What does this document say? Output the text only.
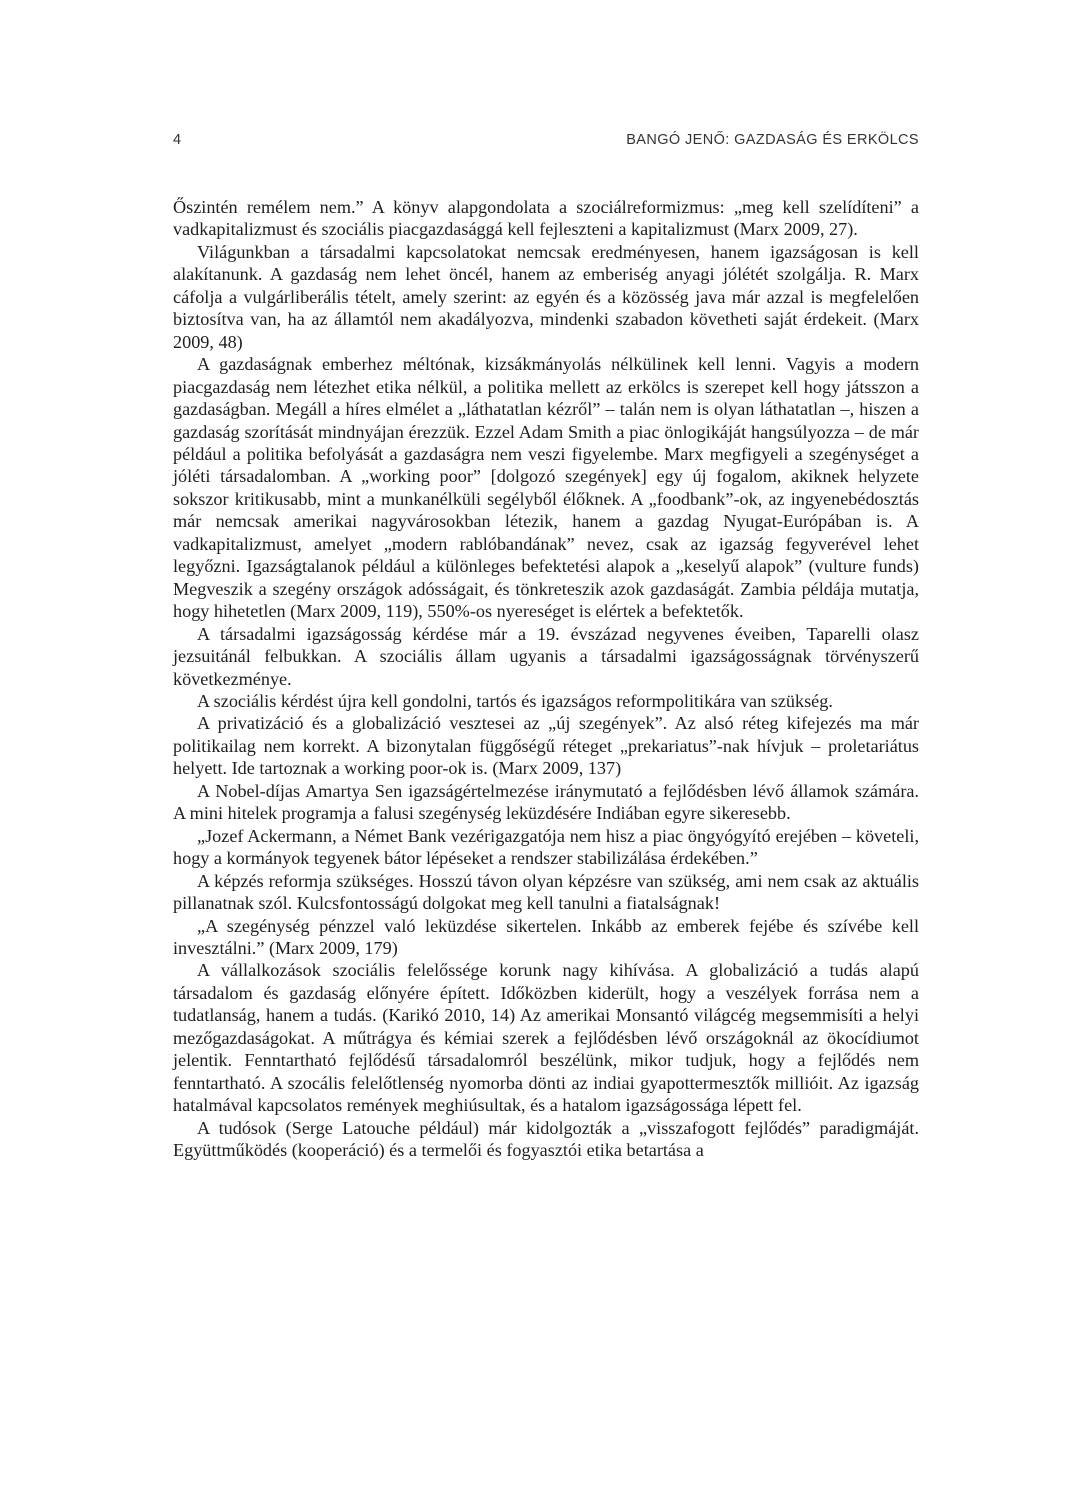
4	BANGÓ JENŐ: GAZDASÁG ÉS ERKÖLCS

Őszintén remélem nem.” A könyv alapgondolata a szociálreformizmus: „meg kell szelídíteni” a vadkapitalizmust és szociális piacgazdasággá kell fejleszteni a kapitalizmust (Marx 2009, 27).

Világunkban a társadalmi kapcsolatokat nemcsak eredményesen, hanem igazságosan is kell alakítanunk. A gazdaság nem lehet öncél, hanem az emberiség anyagi jólétét szolgálja. R. Marx cáfolja a vulgárliberális tételt, amely szerint: az egyén és a közösség java már azzal is megfelelően biztosítva van, ha az államtól nem akadályozva, mindenki szabadon követheti saját érdekeit. (Marx 2009, 48)

A gazdaságnak emberhez méltónak, kizsákmányolás nélkülinek kell lenni. Vagyis a modern piacgazdaság nem létezhet etika nélkül, a politika mellett az erkölcs is szerepet kell hogy játsszon a gazdaságban. Megáll a híres elmélet a „láthatatlan kézről” – talán nem is olyan láthatatlan –, hiszen a gazdaság szorítását mindnyájan érezzük. Ezzel Adam Smith a piac önlogikáját hangsúlyozza – de már például a politika befolyását a gazdaságra nem veszi figyelembe. Marx megfigyeli a szegénységet a jóléti társadalomban. A „working poor” [dolgozó szegények] egy új fogalom, akiknek helyzete sokszor kritikusabb, mint a munkanélküli segélyből élőknek. A „foodbank”-ok, az ingyenebédosztás már nemcsak amerikai nagyvárosokban létezik, hanem a gazdag Nyugat-Európában is. A vadkapitalizmust, amelyet „modern rablóbandának” nevez, csak az igazság fegyverével lehet legyőzni. Igazságtalanok például a különleges befektetési alapok a „keselyű alapok” (vulture funds) Megveszik a szegény országok adósságait, és tönkreteszik azok gazdaságát. Zambia példája mutatja, hogy hihetetlen (Marx 2009, 119), 550%-os nyereséget is elértek a befektetők.

A társadalmi igazságosság kérdése már a 19. évszázad negyvenes éveiben, Taparelli olasz jezsuitánál felbukkan. A szociális állam ugyanis a társadalmi igazságosságnak törvényszerű következménye.

A szociális kérdést újra kell gondolni, tartós és igazságos reformpolitikára van szükség.

A privatizáció és a globalizáció vesztesei az „új szegények”. Az alsó réteg kifejezés ma már politikailag nem korrekt. A bizonytalan függőségű réteget „prekariatus”-nak hívjuk – proletariátus helyett. Ide tartoznak a working poor-ok is. (Marx 2009, 137)

A Nobel-díjas Amartya Sen igazságértelmezése iránymutató a fejlődésben lévő államok számára. A mini hitelek programja a falusi szegénység leküzdésére Indiában egyre sikeresebb.

„Jozef Ackermann, a Német Bank vezérigazgatója nem hisz a piac öngyógyító erejében – követeli, hogy a kormányok tegyenek bátor lépéseket a rendszer stabilizálása érdekében.”

A képzés reformja szükséges. Hosszú távon olyan képzésre van szükség, ami nem csak az aktuális pillanatnak szól. Kulcsfontosságú dolgokat meg kell tanulni a fiatalságnak!

„A szegénység pénzzel való leküzdése sikertelen. Inkább az emberek fejébe és szívébe kell invesztálni.” (Marx 2009, 179)

A vállalkozások szociális felelőssége korunk nagy kihívása. A globalizáció a tudás alapú társadalom és gazdaság előnyére épített. Időközben kiderült, hogy a veszélyek forrása nem a tudatlanság, hanem a tudás. (Karikó 2010, 14) Az amerikai Monsantó világcég megsemmisíti a helyi mezőgazdaságokat. A műtrágya és kémiai szerek a fejlődésben lévő országoknál az ökocídiumot jelentik. Fenntartható fejlődésű társadalomról beszélünk, mikor tudjuk, hogy a fejlődés nem fenntartható. A szocális felelőtlenség nyomorba dönti az indiai gyapottermesztők millióit. Az igazság hatalmával kapcsolatos remények meghiúsultak, és a hatalom igazságossága lépett fel.

A tudósok (Serge Latouche például) már kidolgozták a „visszafogott fejlődés” paradigmáját. Együttműködés (kooperáció) és a termelői és fogyasztói etika betartása a
